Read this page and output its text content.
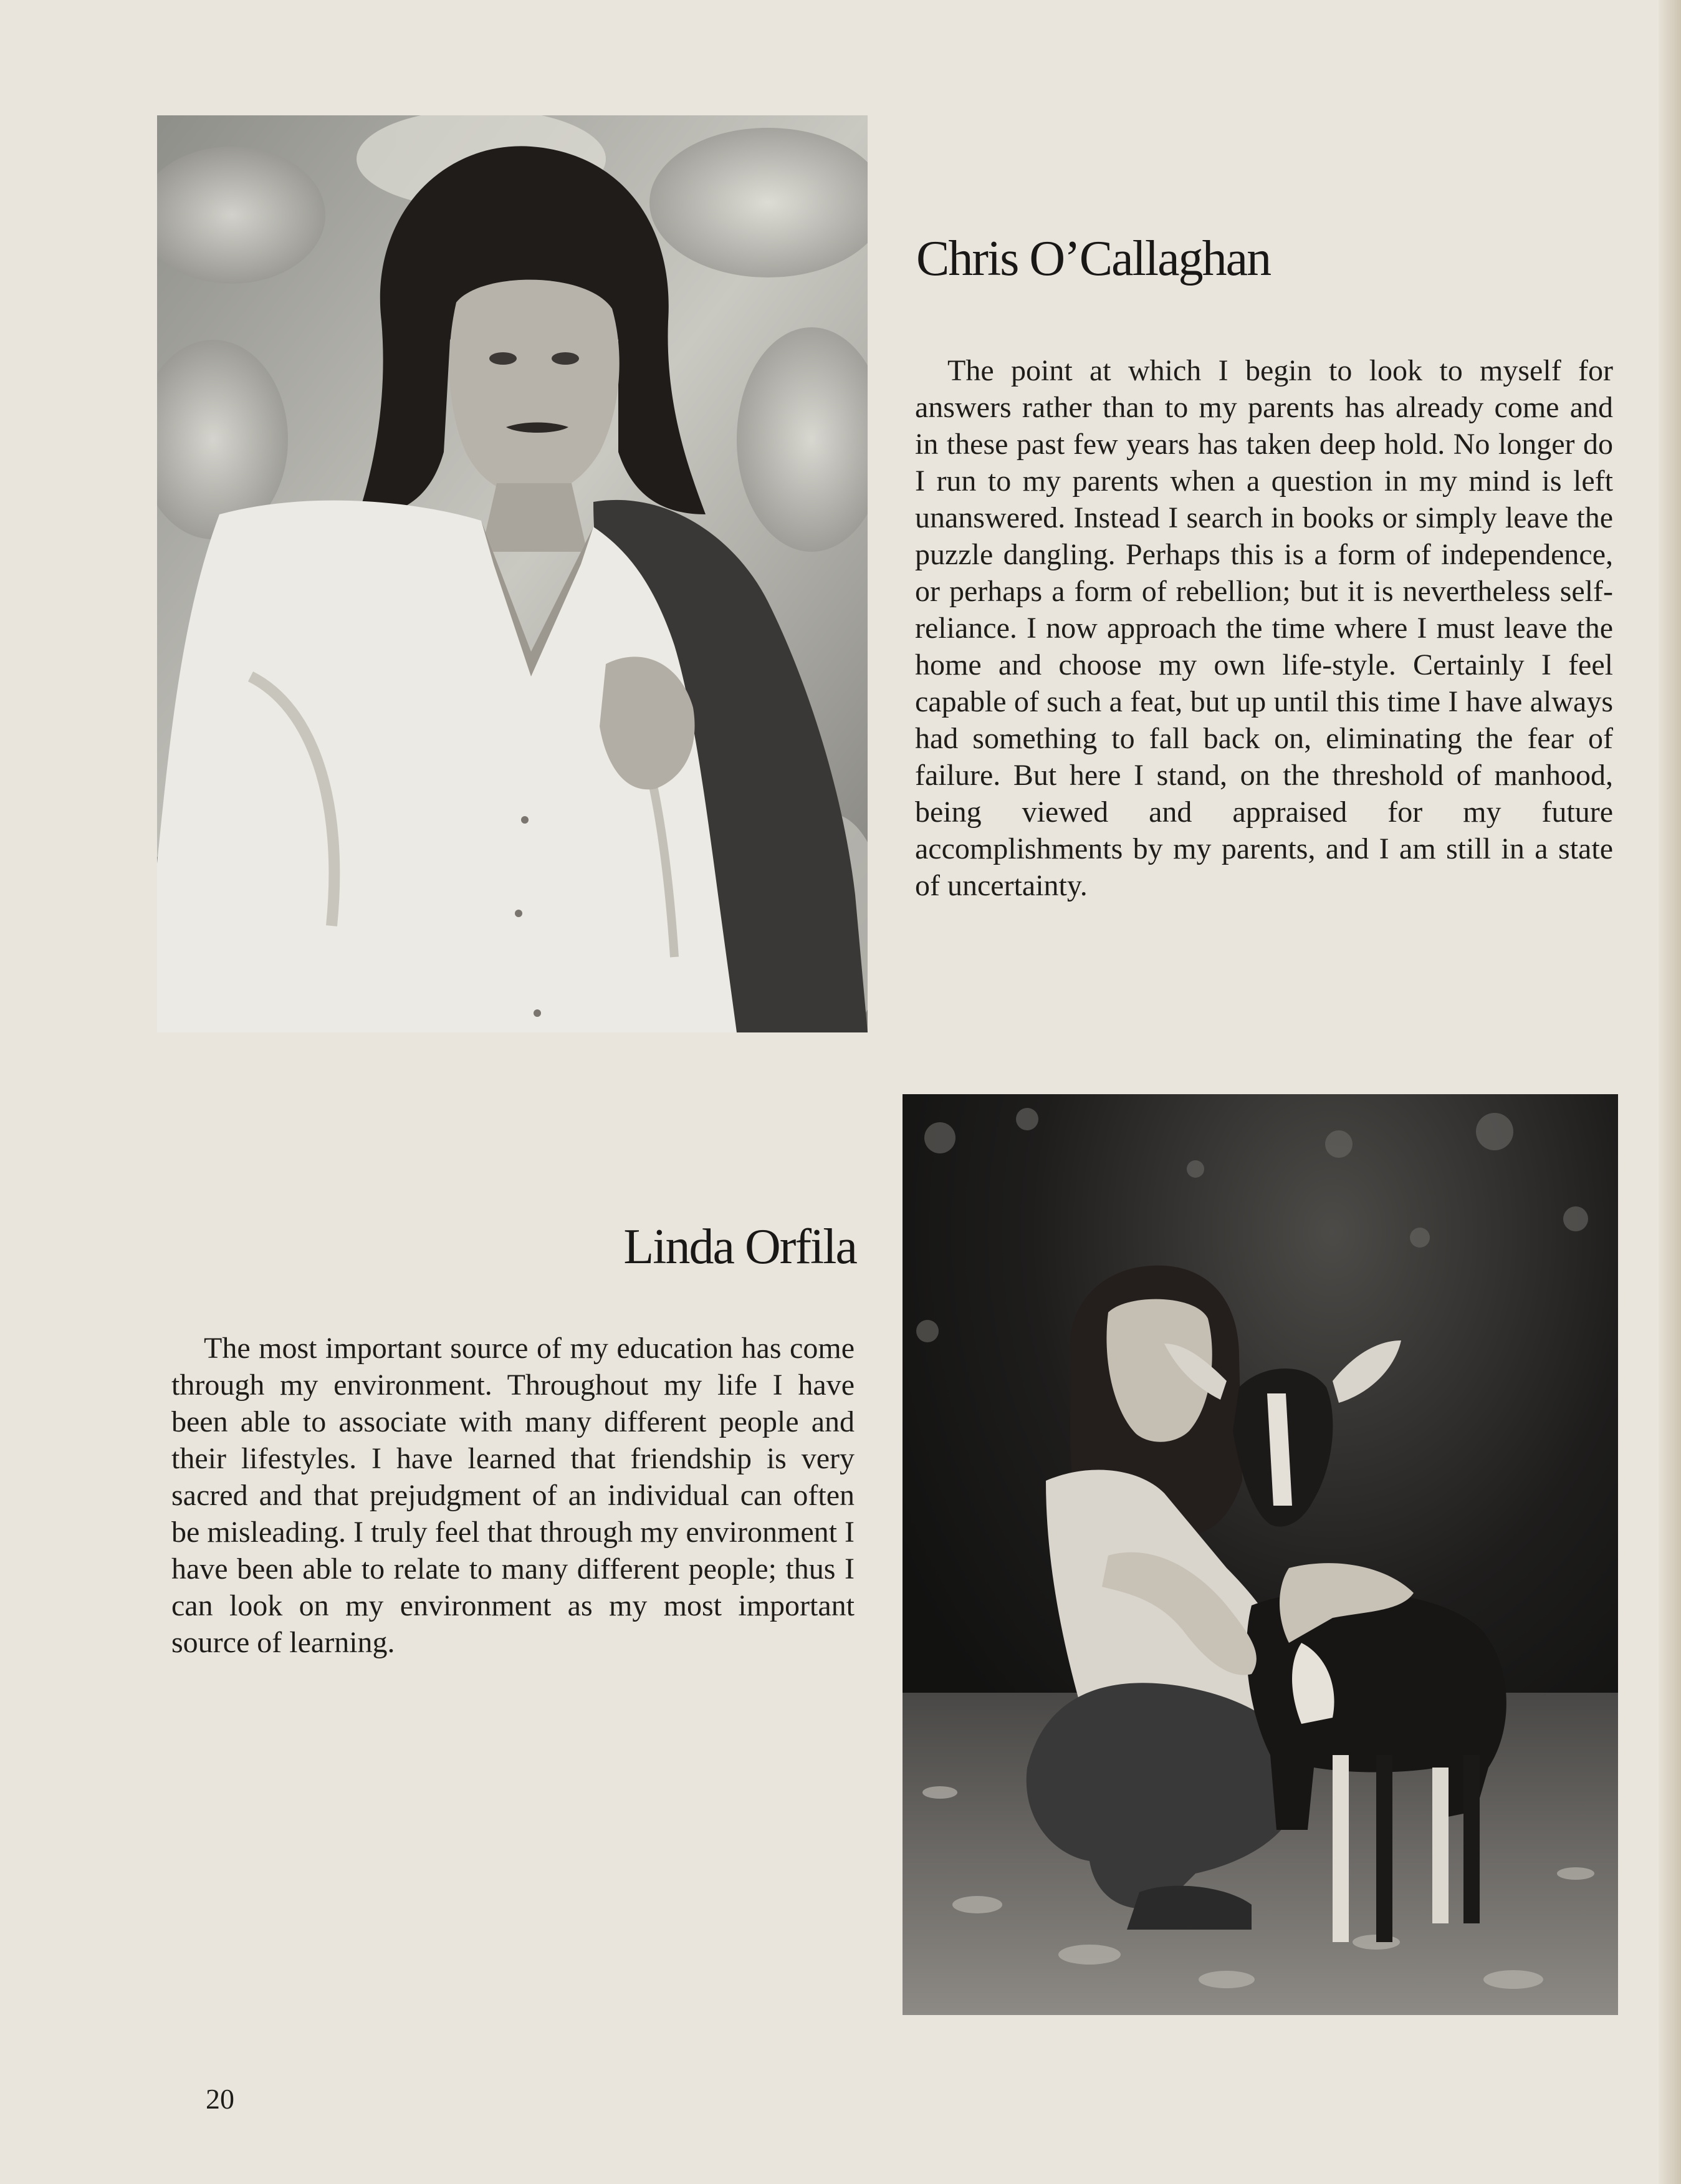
Chris O’Callaghan

The point at which I begin to look to myself for answers rather than to my parents has already come and in these past few years has taken deep hold. No longer do I run to my parents when a question in my mind is left unanswered. Instead I search in books or simply leave the puzzle dangling. Perhaps this is a form of independence, or perhaps a form of rebellion; but it is nevertheless self-reliance. I now approach the time where I must leave the home and choose my own life-style. Certainly I feel capable of such a feat, but up until this time I have always had something to fall back on, eliminating the fear of failure. But here I stand, on the threshold of manhood, being viewed and appraised for my future accomplishments by my parents, and I am still in a state of uncertainty.

Linda Orfila

The most important source of my education has come through my environment. Throughout my life I have been able to associate with many different people and their lifestyles. I have learned that friendship is very sacred and that prejudgment of an individual can often be misleading. I truly feel that through my environment I have been able to relate to many different people; thus I can look on my environment as my most important source of learning.

20
